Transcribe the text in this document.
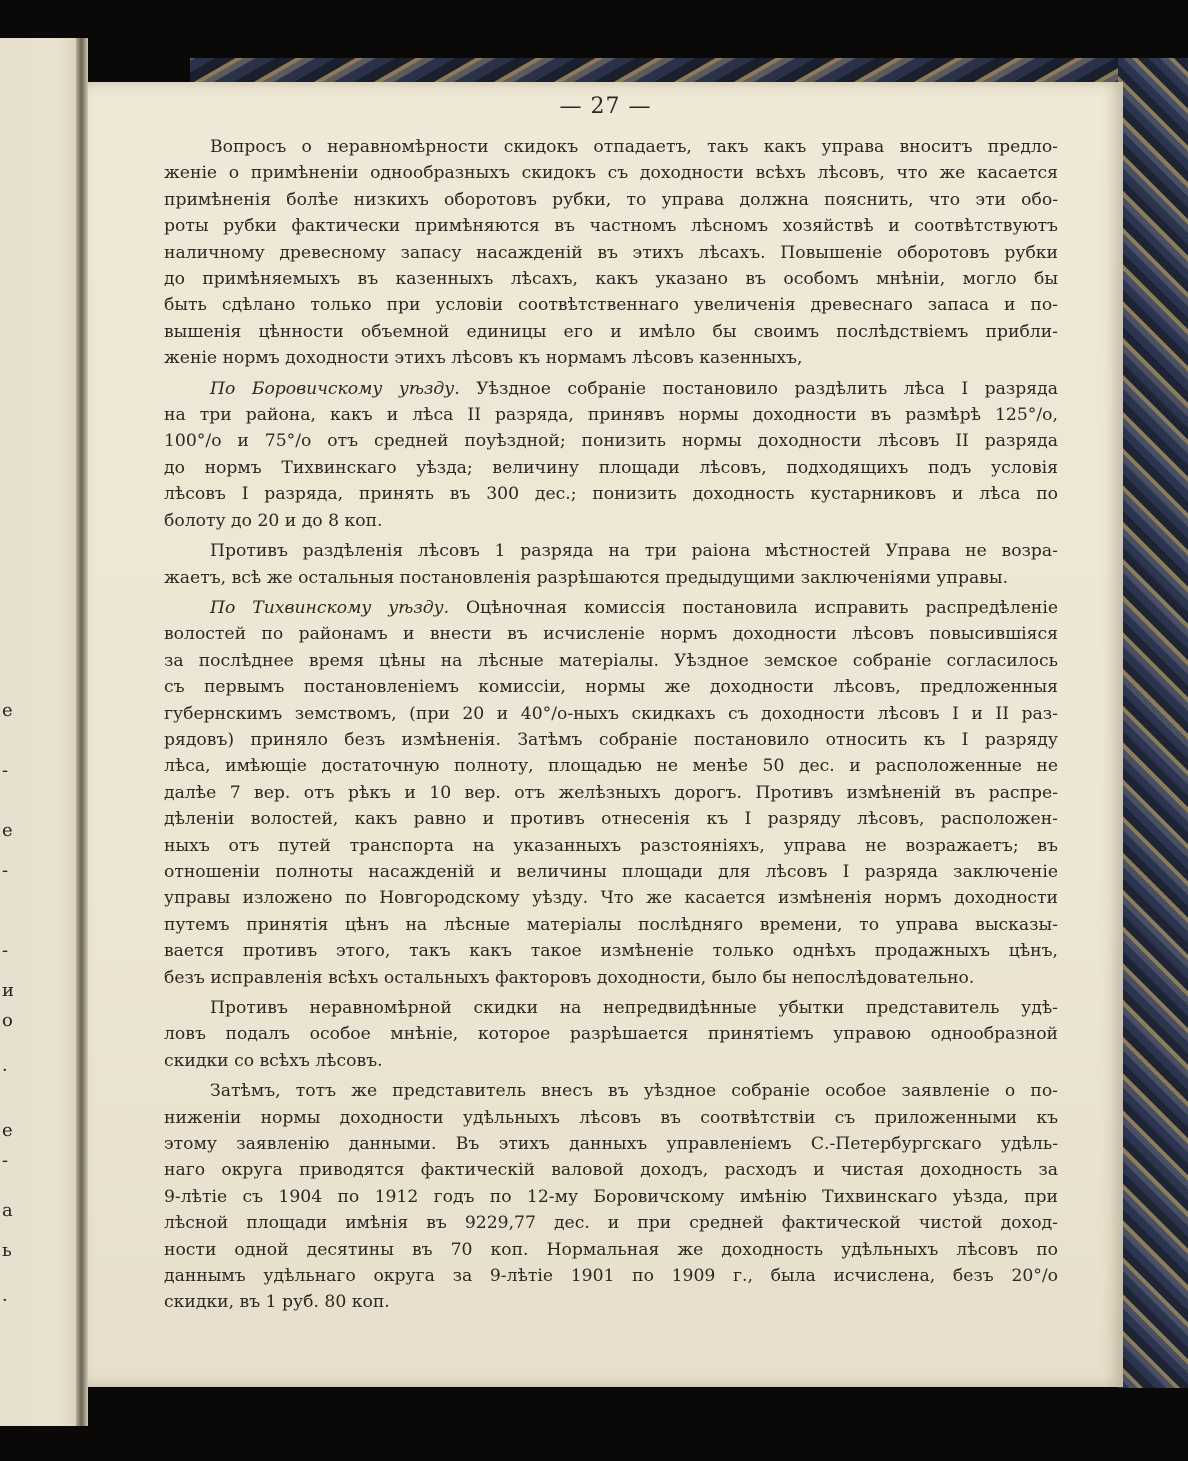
е
-
е
-
-
и
о
·
е
-
а
ь
·
— 27 —
Вопросъ о неравномѣрности скидокъ отпадаетъ, такъ какъ управа вноситъ предло-
женіе о примѣненіи однообразныхъ скидокъ съ доходности всѣхъ лѣсовъ, что же касается
примѣненія болѣе низкихъ оборотовъ рубки, то управа должна пояснить, что эти обо-
роты рубки фактически примѣняются въ частномъ лѣсномъ хозяйствѣ и соотвѣтствуютъ
наличному древесному запасу насажденій въ этихъ лѣсахъ. Повышеніе оборотовъ рубки
до примѣняемыхъ въ казенныхъ лѣсахъ, какъ указано въ особомъ мнѣніи, могло бы
быть сдѣлано только при условіи соотвѣтственнаго увеличенія древеснаго запаса и по-
вышенія цѣнности объемной единицы его и имѣло бы своимъ послѣдствіемъ прибли-
женіе нормъ доходности этихъ лѣсовъ къ нормамъ лѣсовъ казенныхъ,
По Боровичскому уѣзду. Уѣздное собраніе постановило раздѣлить лѣса I разряда
на три района, какъ и лѣса II разряда, принявъ нормы доходности въ размѣрѣ 125°/о,
100°/о и 75°/о отъ средней поуѣздной; понизить нормы доходности лѣсовъ II разряда
до нормъ Тихвинскаго уѣзда; величину площади лѣсовъ, подходящихъ подъ условія
лѣсовъ I разряда, принять въ 300 дес.; понизить доходность кустарниковъ и лѣса по
болоту до 20 и до 8 коп.
Противъ раздѣленія лѣсовъ 1 разряда на три раіона мѣстностей Управа не возра-
жаетъ, всѣ же остальныя постановленія разрѣшаются предыдущими заключеніями управы.
По Тихвинскому уѣзду. Оцѣночная комиссія постановила исправить распредѣленіе
волостей по районамъ и внести въ исчисленіе нормъ доходности лѣсовъ повысившіяся
за послѣднее время цѣны на лѣсные матеріалы. Уѣздное земское собраніе согласилось
съ первымъ постановленіемъ комиссіи, нормы же доходности лѣсовъ, предложенныя
губернскимъ земствомъ, (при 20 и 40°/о-ныхъ скидкахъ съ доходности лѣсовъ I и II раз-
рядовъ) приняло безъ измѣненія. Затѣмъ собраніе постановило относить къ I разряду
лѣса, имѣющіе достаточную полноту, площадью не менѣе 50 дес. и расположенные не
далѣе 7 вер. отъ рѣкъ и 10 вер. отъ желѣзныхъ дорогъ. Противъ измѣненій въ распре-
дѣленіи волостей, какъ равно и противъ отнесенія къ I разряду лѣсовъ, расположен-
ныхъ отъ путей транспорта на указанныхъ разстояніяхъ, управа не возражаетъ; въ
отношеніи полноты насажденій и величины площади для лѣсовъ I разряда заключеніе
управы изложено по Новгородскому уѣзду. Что же касается измѣненія нормъ доходности
путемъ принятія цѣнъ на лѣсные матеріалы послѣдняго времени, то управа высказы-
вается противъ этого, такъ какъ такое измѣненіе только однѣхъ продажныхъ цѣнъ,
безъ исправленія всѣхъ остальныхъ факторовъ доходности, было бы непослѣдовательно.
Противъ неравномѣрной скидки на непредвидѣнные убытки представитель удѣ-
ловъ подалъ особое мнѣніе, которое разрѣшается принятіемъ управою однообразной
скидки со всѣхъ лѣсовъ.
Затѣмъ, тотъ же представитель внесъ въ уѣздное собраніе особое заявленіе о по-
ниженіи нормы доходности удѣльныхъ лѣсовъ въ соотвѣтствіи съ приложенными къ
этому заявленію данными. Въ этихъ данныхъ управленіемъ С.-Петербургскаго удѣль-
наго округа приводятся фактическій валовой доходъ, расходъ и чистая доходность за
9-лѣтіе съ 1904 по 1912 годъ по 12-му Боровичскому имѣнію Тихвинскаго уѣзда, при
лѣсной площади имѣнія въ 9229,77 дес. и при средней фактической чистой доход-
ности одной десятины въ 70 коп. Нормальная же доходность удѣльныхъ лѣсовъ по
даннымъ удѣльнаго округа за 9-лѣтіе 1901 по 1909 г., была исчислена, безъ 20°/о
скидки, въ 1 руб. 80 коп.
